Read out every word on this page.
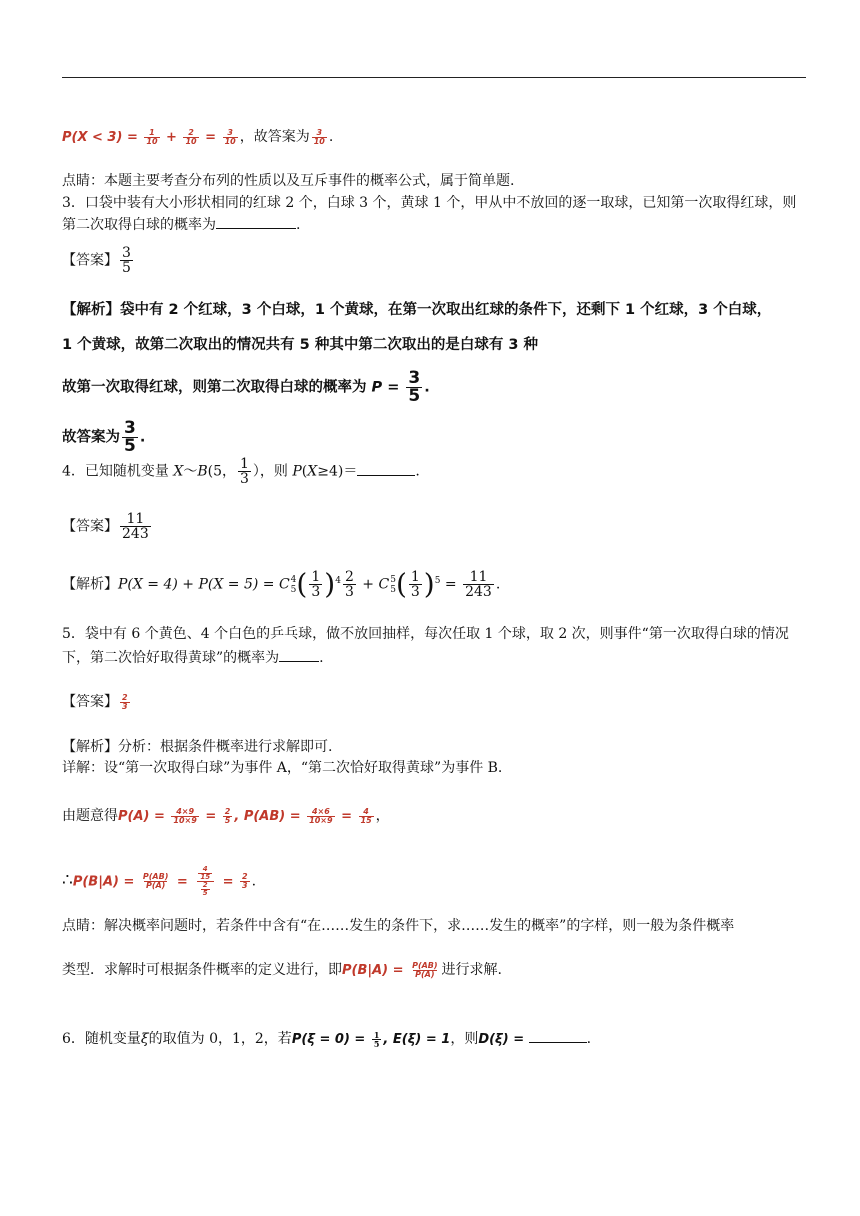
$P(X < 3) = \frac{1}{10} + \frac{2}{10} = \frac{3}{10}$ ，故答案为 $\frac{3}{10}$ .
点睛：本题主要考查分布列的性质以及互斥事件的概率公式，属于简单题.
3．口袋中装有大小形状相同的红球 2 个，白球 3 个，黄球 1 个，甲从中不放回的逐一取球，已知第一次取得红球，则第二次取得白球的概率为	.
【答案】 $\frac{3}{5}$
【解析】袋中有 2 个红球，3 个白球，1 个黄球，在第一次取出红球的条件下，还剩下 1 个红球，3 个白球，
1 个黄球，故第二次取出的情况共有 5 种其中第二次取出的是白球有 3 种
故第一次取得红球，则第二次取得白球的概率为 $P = \frac{3}{5}$ .
故答案为 $\frac{3}{5}$ .
4．已知随机变量 X～B(5， $\frac{1}{3}$ ），则 P(X≥4)＝	.
【答案】 $\frac{11}{243}$
【解析】P(X = 4) + P(X = 5) = C 4
5 ( $\frac{1}{3} )^4 \frac{2}{3} + C$ 5
5 ( $\frac{1}{3} )^5 = \frac{11}{243}$ .
5．袋中有 6 个黄色、4 个白色的乒乓球，做不放回抽样，每次任取 1 个球，取 2 次，则事件“第一次取得白球的情况下，第二次恰好取得黄球”的概率为	.
【答案】 $\frac{2}{3}$
【解析】分析：根据条件概率进行求解即可.
详解：设“第一次取得白球”为事件 A，“第二次恰好取得黄球”为事件 B.
由题意得$P(A) = \frac{4\times 9}{10\times 9} = \frac{2}{5}$ , $P(AB) = \frac{4\times 6}{10\times 9} = \frac{4}{15}$ ，
∴P(B|A) = $\frac{P(AB)}{P(A)} = \frac{\frac{4}{15}}{\frac{2}{5}} = \frac{2}{3}$ .
点睛：解决概率问题时，若条件中含有“在……发生的条件下，求……发生的概率”的字样，则一般为条件概率
类型．求解时可根据条件概率的定义进行，即$P(B|A) = \frac{P(AB)}{P(A)}$ 进行求解.
6．随机变量ξ的取值为 0，1，2，若$P(\xi = 0) = \frac{1}{5}$ , E(ξ) = 1，则D(ξ) =	.
